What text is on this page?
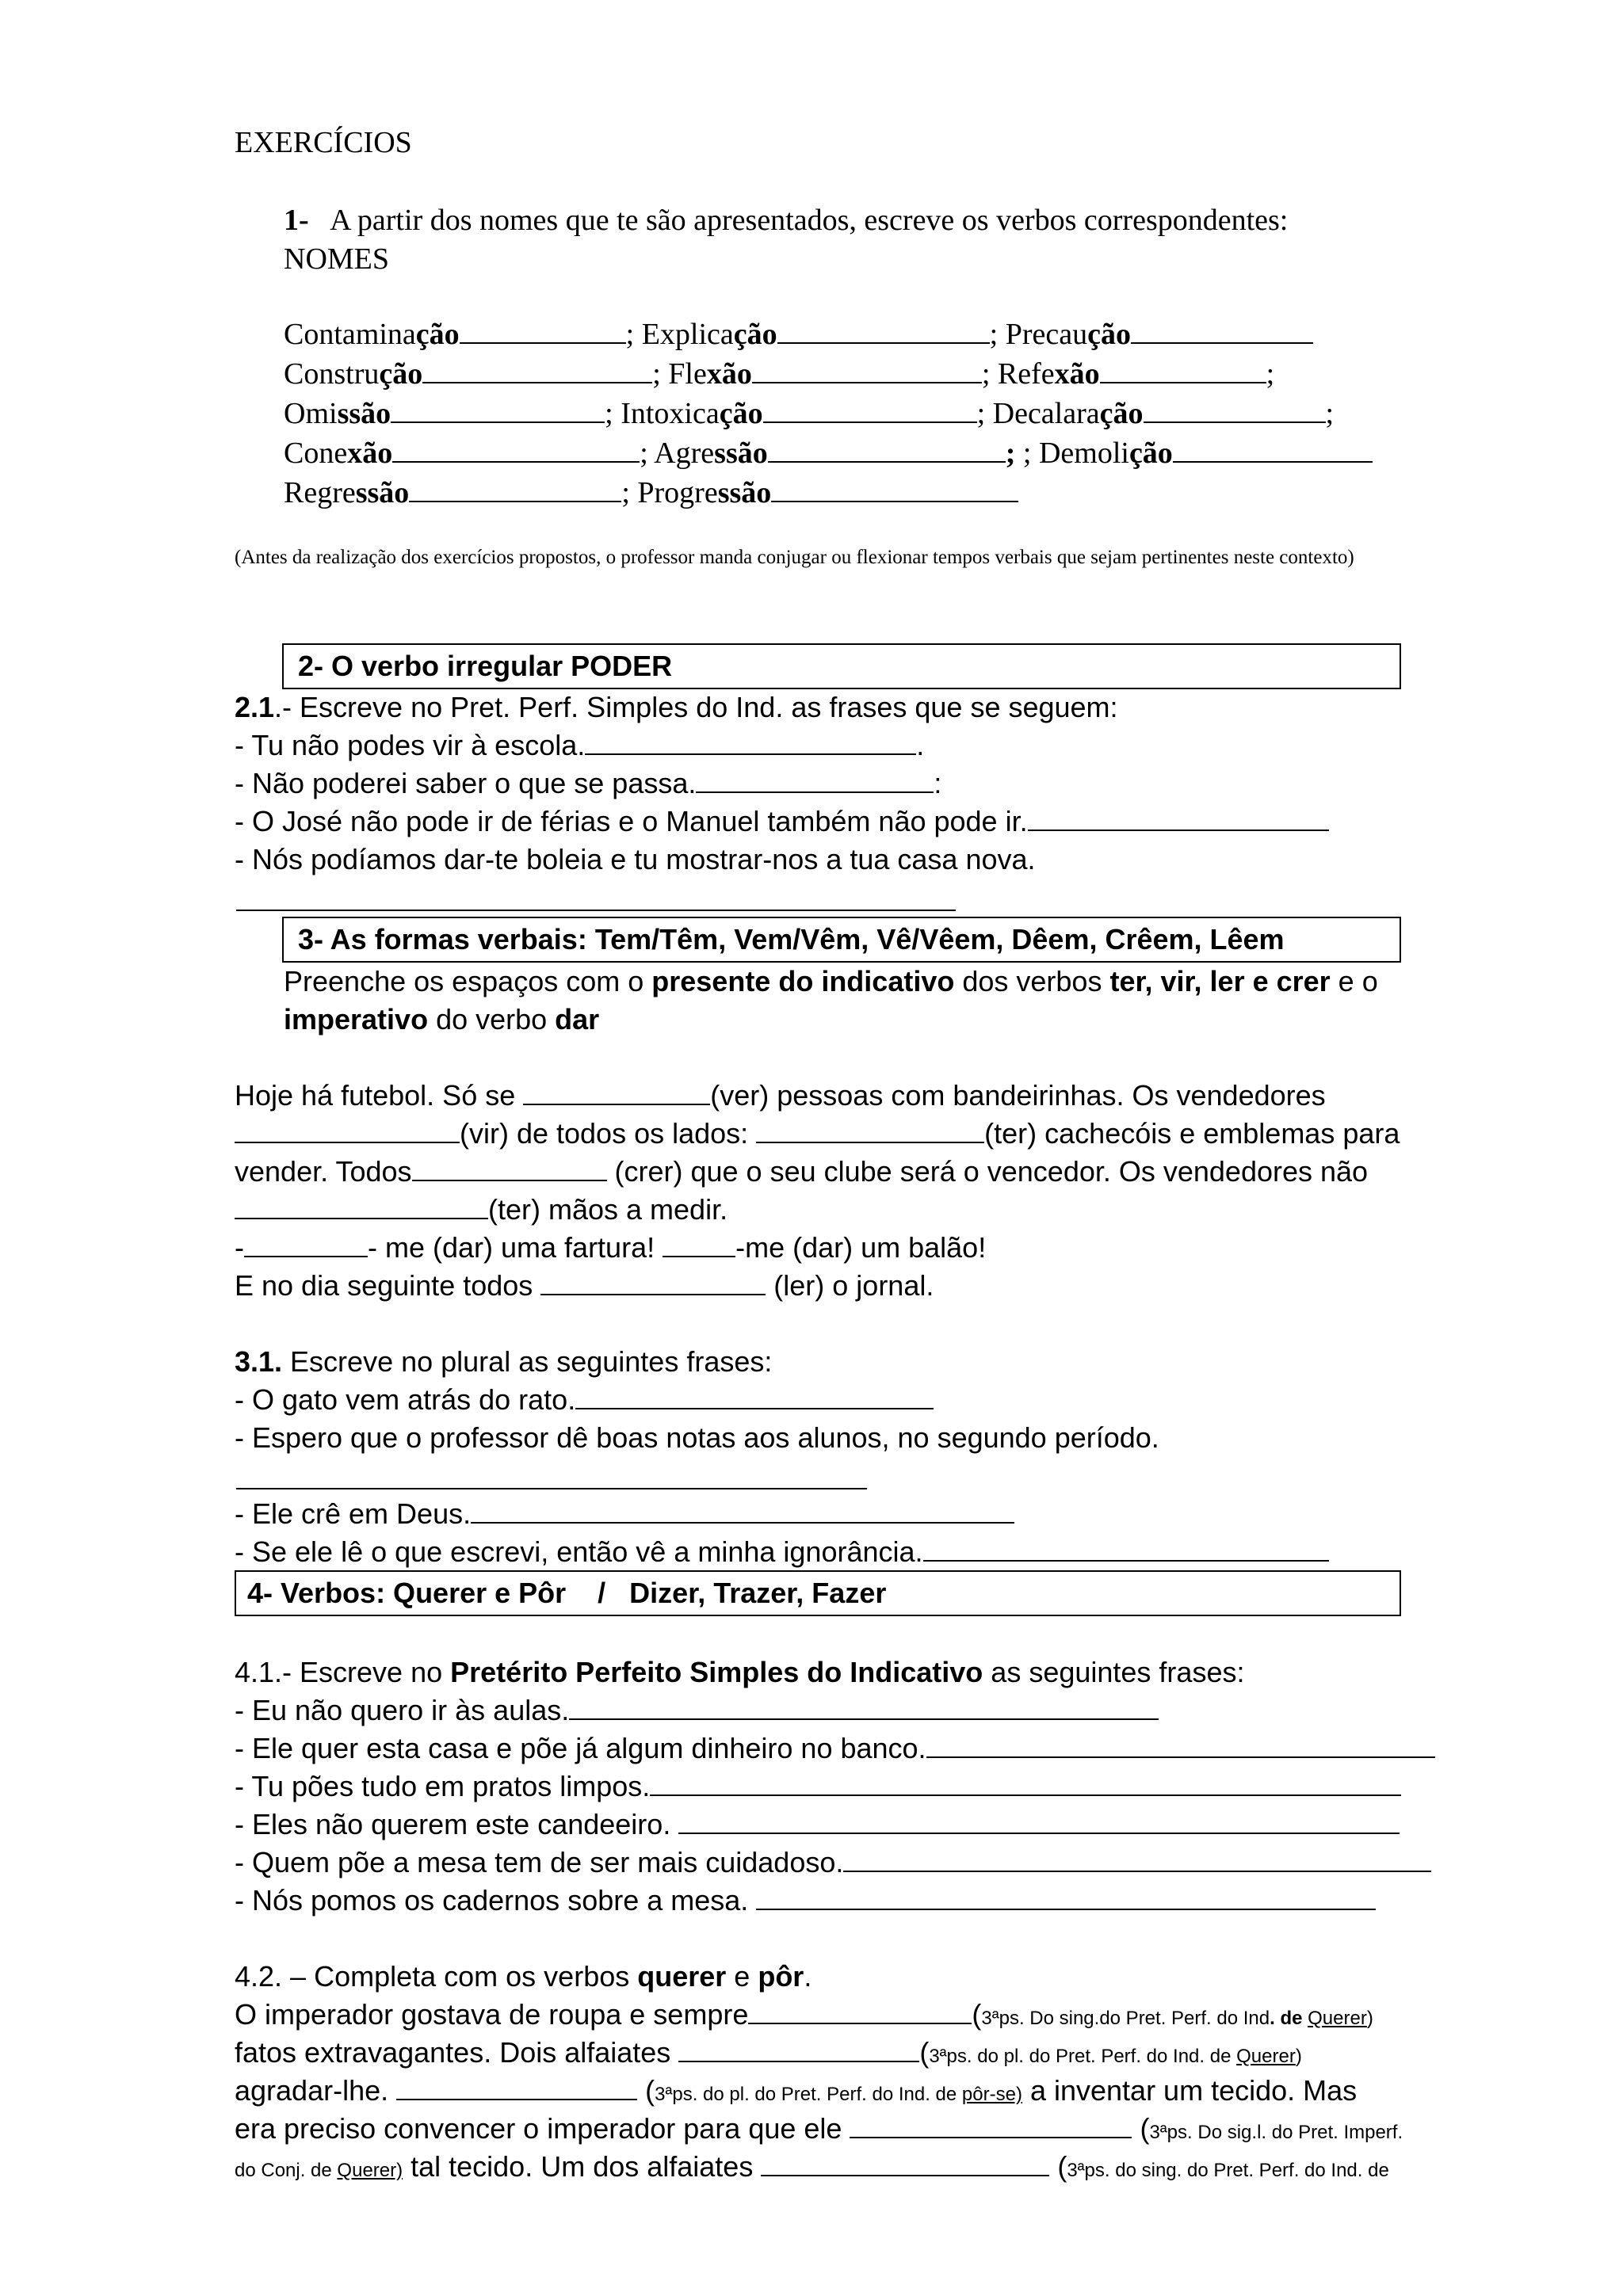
EXERCÍCIOS
1- A partir dos nomes que te são apresentados, escreve os verbos correspondentes:
NOMES
Contaminação	; Explicação	; Precaução
Construção	; Flexão	; Refexão	;
Omissão	; Intoxicação	; Decalaração	;
Conexão	; Agressão	; ; Demolição
Regressão	; Progressão
(Antes da realização dos exercícios propostos, o professor manda conjugar ou flexionar tempos verbais que sejam pertinentes neste contexto)
2- O verbo irregular PODER
2.1.- Escreve no Pret. Perf. Simples do Ind. as frases que se seguem:
- Tu não podes vir à escola.	.
- Não poderei saber o que se passa.	:
- O José não pode ir de férias e o Manuel também não pode ir.
- Nós podíamos dar-te boleia e tu mostrar-nos a tua casa nova.
3- As formas verbais: Tem/Têm, Vem/Vêm, Vê/Vêem, Dêem, Crêem, Lêem
Preenche os espaços com o presente do indicativo dos verbos ter, vir, ler e crer e o
imperativo do verbo dar
Hoje há futebol. Só se	(ver) pessoas com bandeirinhas. Os vendedores
(vir) de todos os lados:	(ter) cachecóis e emblemas para
vender. Todos	(crer) que o seu clube será o vencedor. Os vendedores não
(ter) mãos a medir.
-	- me (dar) uma fartura!	-me (dar) um balão!
E no dia seguinte todos	(ler) o jornal.
3.1. Escreve no plural as seguintes frases:
- O gato vem atrás do rato.
- Espero que o professor dê boas notas aos alunos, no segundo período.
- Ele crê em Deus.
- Se ele lê o que escrevi, então vê a minha ignorância.
4- Verbos: Querer e Pôr    /   Dizer, Trazer, Fazer
4.1.- Escreve no Pretérito Perfeito Simples do Indicativo as seguintes frases:
- Eu não quero ir às aulas.
- Ele quer esta casa e põe já algum dinheiro no banco.
- Tu pões tudo em pratos limpos.
- Eles não querem este candeeiro.
- Quem põe a mesa tem de ser mais cuidadoso.
- Nós pomos os cadernos sobre a mesa.
4.2. – Completa com os verbos querer e pôr.
O imperador gostava de roupa e sempre	(3ªps. Do sing.do Pret. Perf. do Ind. de Querer)
fatos extravagantes. Dois alfaiates	(3ªps. do pl. do Pret. Perf. do Ind. de Querer)
agradar-lhe.	(3ªps. do pl. do Pret. Perf. do Ind. de pôr-se) a inventar um tecido. Mas
era preciso convencer o imperador para que ele	(3ªps. Do sig.l. do Pret. Imperf.
do Conj. de Querer) tal tecido. Um dos alfaiates	(3ªps. do sing. do Pret. Perf. do Ind. de
